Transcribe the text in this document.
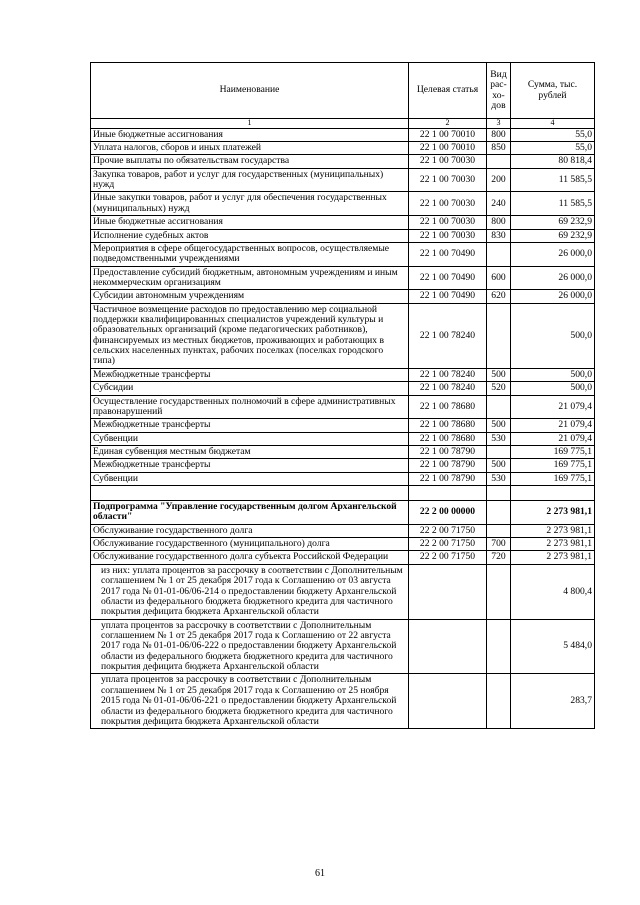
Наименование	Целевая статья	Вид рас- хо- дов	Сумма, тыс. рублей
1	2	3	4
Иные бюджетные ассигнования	22 1 00 70010	800	55,0
Уплата налогов, сборов и иных платежей	22 1 00 70010	850	55,0
Прочие выплаты по обязательствам государства	22 1 00 70030		80 818,4
Закупка товаров, работ и услуг для государственных (муниципальных) нужд	22 1 00 70030	200	11 585,5
Иные закупки товаров, работ и услуг для обеспечения государственных (муниципальных) нужд	22 1 00 70030	240	11 585,5
Иные бюджетные ассигнования	22 1 00 70030	800	69 232,9
Исполнение судебных актов	22 1 00 70030	830	69 232,9
Мероприятия в сфере общегосударственных вопросов, осуществляемые подведомственными учреждениями	22 1 00 70490		26 000,0
Предоставление субсидий бюджетным, автономным учреждениям и иным некоммерческим организациям	22 1 00 70490	600	26 000,0
Субсидии автономным учреждениям	22 1 00 70490	620	26 000,0
Частичное возмещение расходов по предоставлению мер социальной поддержки квалифицированных специалистов учреждений культуры и образовательных организаций (кроме педагогических работников), финансируемых из местных бюджетов, проживающих и работающих в сельских населенных пунктах, рабочих поселках (поселках городского типа)	22 1 00 78240		500,0
Межбюджетные трансферты	22 1 00 78240	500	500,0
Субсидии	22 1 00 78240	520	500,0
Осуществление государственных полномочий в сфере административных правонарушений	22 1 00 78680		21 079,4
Межбюджетные трансферты	22 1 00 78680	500	21 079,4
Субвенции	22 1 00 78680	530	21 079,4
Единая субвенция местным бюджетам	22 1 00 78790		169 775,1
Межбюджетные трансферты	22 1 00 78790	500	169 775,1
Субвенции	22 1 00 78790	530	169 775,1

Подпрограмма "Управление государственным долгом Архангельской области"	22 2 00 00000		2 273 981,1
Обслуживание государственного долга	22 2 00 71750		2 273 981,1
Обслуживание государственного (муниципального) долга	22 2 00 71750	700	2 273 981,1
Обслуживание государственного долга субъекта Российской Федерации	22 2 00 71750	720	2 273 981,1
из них: уплата процентов за рассрочку в соответствии с Дополнительным соглашением № 1 от 25 декабря 2017 года к Соглашению от 03 августа 2017 года № 01-01-06/06-214 о предоставлении бюджету Архангельской области из федерального бюджета бюджетного кредита для частичного покрытия дефицита бюджета Архангельской области			4 800,4
уплата процентов за рассрочку в соответствии с Дополнительным соглашением № 1 от 25 декабря 2017 года к Соглашению от 22 августа 2017 года № 01-01-06/06-222 о предоставлении бюджету Архангельской области из федерального бюджета бюджетного кредита для частичного покрытия дефицита бюджета Архангельской области			5 484,0
уплата процентов за рассрочку в соответствии с Дополнительным соглашением № 1 от 25 декабря 2017 года к Соглашению от 25 ноября 2015 года № 01-01-06/06-221 о предоставлении бюджету Архангельской области из федерального бюджета бюджетного кредита для частичного покрытия дефицита бюджета Архангельской области			283,7
61
